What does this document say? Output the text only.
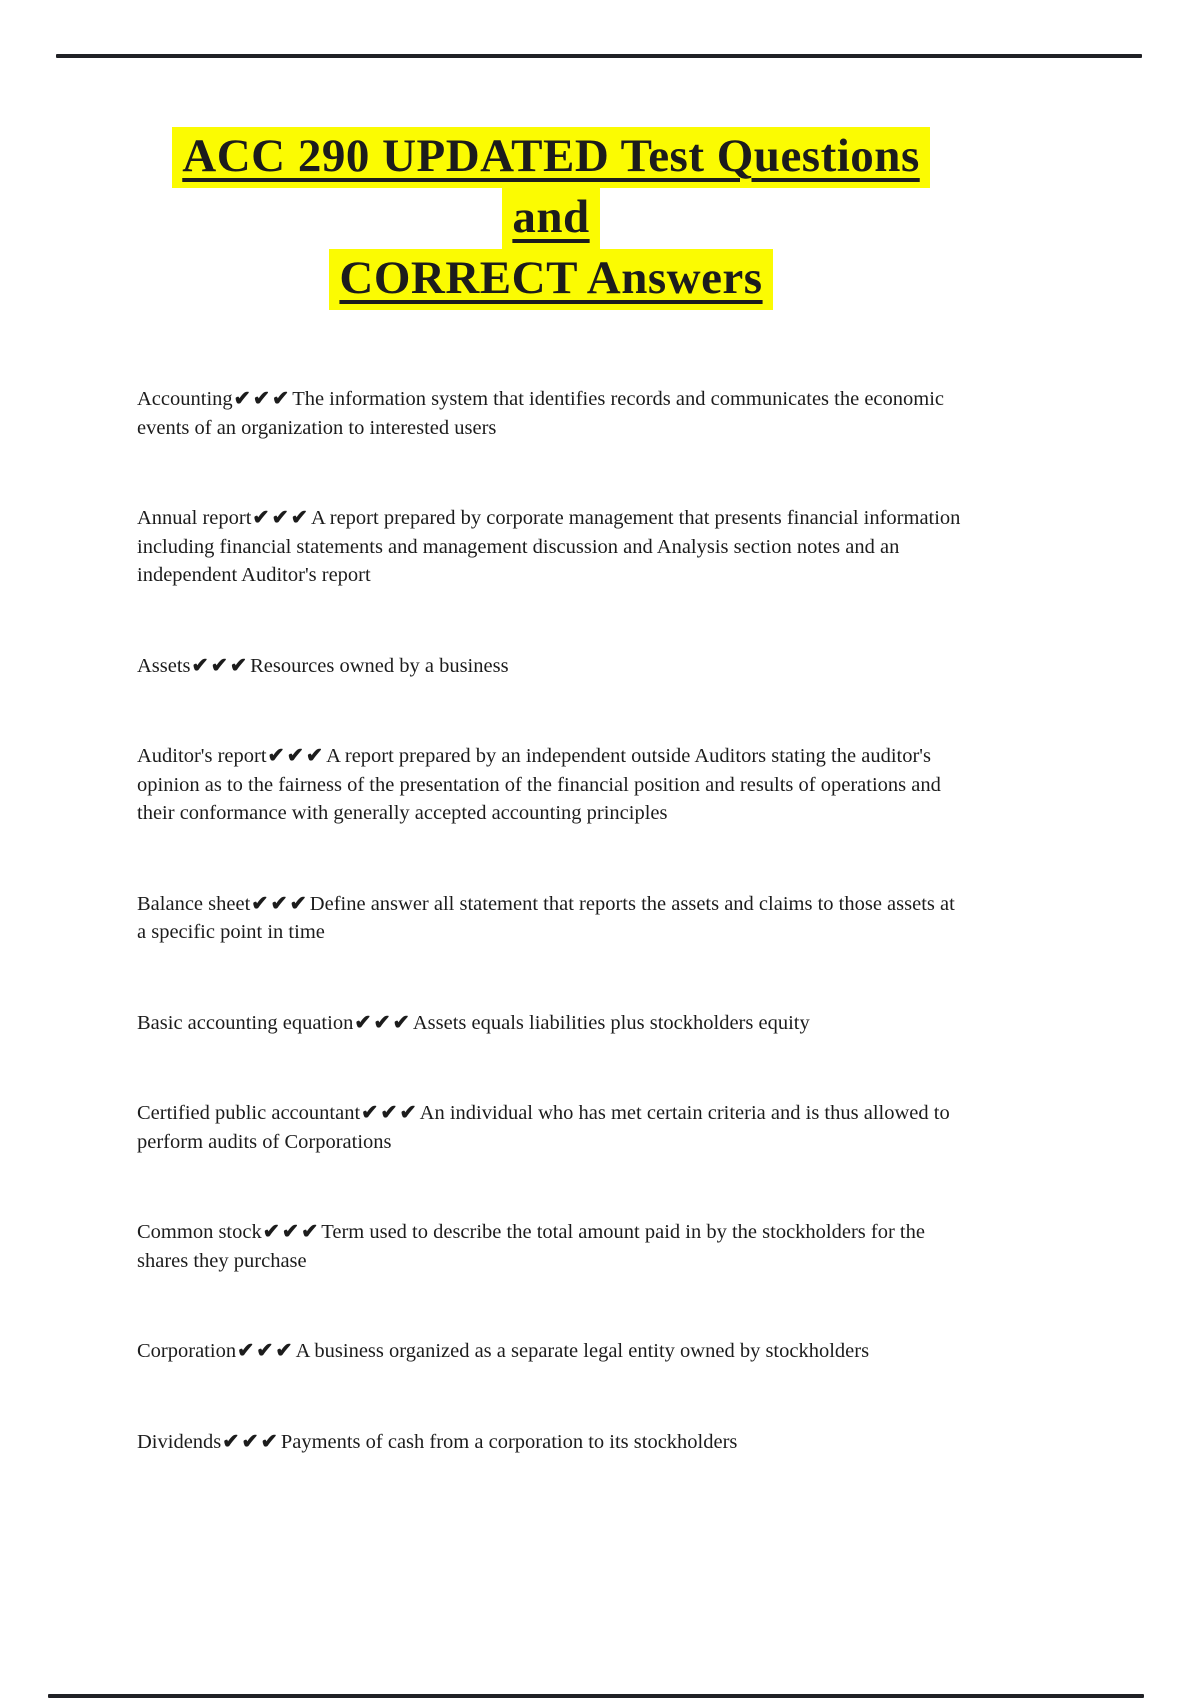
ACC 290 UPDATED Test Questions and
CORRECT Answers

Accounting✔✔✔The information system that identifies records and communicates the economic events of an organization to interested users

Annual report✔✔✔A report prepared by corporate management that presents financial information including financial statements and management discussion and Analysis section notes and an independent Auditor's report

Assets✔✔✔Resources owned by a business

Auditor's report✔✔✔A report prepared by an independent outside Auditors stating the auditor's opinion as to the fairness of the presentation of the financial position and results of operations and their conformance with generally accepted accounting principles

Balance sheet✔✔✔Define answer all statement that reports the assets and claims to those assets at a specific point in time

Basic accounting equation✔✔✔Assets equals liabilities plus stockholders equity

Certified public accountant✔✔✔An individual who has met certain criteria and is thus allowed to perform audits of Corporations

Common stock✔✔✔Term used to describe the total amount paid in by the stockholders for the shares they purchase

Corporation✔✔✔A business organized as a separate legal entity owned by stockholders

Dividends✔✔✔Payments of cash from a corporation to its stockholders
